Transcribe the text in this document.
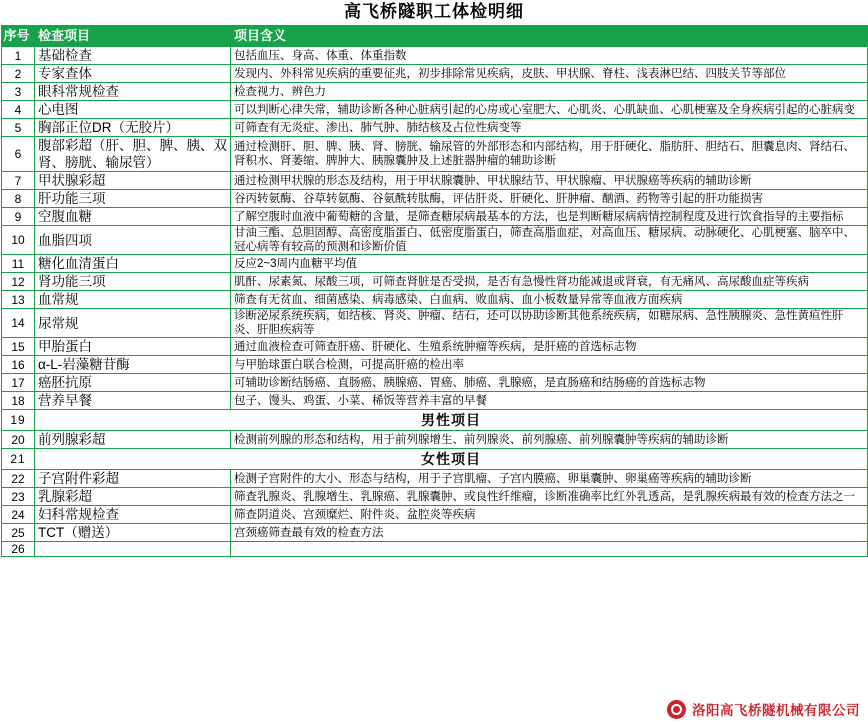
高飞桥隧职工体检明细
序号	检查项目	项目含义
1	基础检查	包括血压、身高、体重、体重指数
2	专家查体	发现内、外科常见疾病的重要征兆，初步排除常见疾病，皮肤、甲状腺、脊柱、浅表淋巴结、四肢关节等部位
3	眼科常规检查	检查视力、辨色力
4	心电图	可以判断心律失常，辅助诊断各种心脏病引起的心房或心室肥大、心肌炎、心肌缺血、心肌梗塞及全身疾病引起的心脏病变
5	胸部正位DR（无胶片）	可筛查有无炎症、渗出、肺气肿、肺结核及占位性病变等
6	腹部彩超（肝、胆、脾、胰、双肾、膀胱、输尿管）	通过检测肝、胆、脾、胰、肾、膀胱、输尿管的外部形态和内部结构，用于肝硬化、脂肪肝、胆结石、胆囊息肉、肾结石、肾积水、肾萎缩、脾肿大、胰腺囊肿及上述脏器肿瘤的辅助诊断
7	甲状腺彩超	通过检测甲状腺的形态及结构，用于甲状腺囊肿、甲状腺结节、甲状腺瘤、甲状腺癌等疾病的辅助诊断

8	肝功能三项	谷丙转氨酶、谷草转氨酶、谷氨酰转肽酶，评估肝炎、肝硬化、肝肿瘤、酗酒、药物等引起的肝功能损害
9	空腹血糖	了解空腹时血液中葡萄糖的含量，是筛查糖尿病最基本的方法，也是判断糖尿病病情控制程度及进行饮食指导的主要指标
10	血脂四项	甘油三酯、总胆固醇、高密度脂蛋白、低密度脂蛋白，筛查高脂血症，对高血压、糖尿病、动脉硬化、心肌梗塞、脑卒中、冠心病等有较高的预测和诊断价值
11	糖化血清蛋白	反应2~3周内血糖平均值
12	肾功能三项	肌酐、尿素氮、尿酸三项，可筛查肾脏是否受损，是否有急慢性肾功能减退或肾衰，有无痛风、高尿酸血症等疾病
13	血常规	筛查有无贫血、细菌感染、病毒感染、白血病、败血病、血小板数量异常等血液方面疾病
14	尿常规	诊断泌尿系统疾病，如结核、肾炎、肿瘤、结石，还可以协助诊断其他系统疾病，如糖尿病、急性胰腺炎、急性黄疸性肝炎、肝胆疾病等
15	甲胎蛋白	通过血液检查可筛查肝癌、肝硬化、生殖系统肿瘤等疾病，是肝癌的首选标志物
16	α-L-岩藻糖苷酶	与甲胎球蛋白联合检测，可提高肝癌的检出率
17	癌胚抗原	可辅助诊断结肠癌、直肠癌、胰腺癌、胃癌、肺癌、乳腺癌，是直肠癌和结肠癌的首选标志物
18	营养早餐	包子、馒头、鸡蛋、小菜、稀饭等营养丰富的早餐
19	男性项目	
20	前列腺彩超	检测前列腺的形态和结构，用于前列腺增生、前列腺炎、前列腺癌、前列腺囊肿等疾病的辅助诊断
21	女性项目	
22	子宫附件彩超	检测子宫附件的大小、形态与结构，用于子宫肌瘤、子宫内膜癌、卵巢囊肿、卵巢癌等疾病的辅助诊断

23	乳腺彩超	筛查乳腺炎、乳腺增生、乳腺癌、乳腺囊肿、或良性纤维瘤，诊断准确率比红外乳透高，是乳腺疾病最有效的检查方法之一
24	妇科常规检查	筛查阴道炎、宫颈糜烂、附件炎、盆腔炎等疾病
25	TCT（赠送）	宫颈癌筛查最有效的检查方法
26		
洛阳高飞桥隧机械有限公司
